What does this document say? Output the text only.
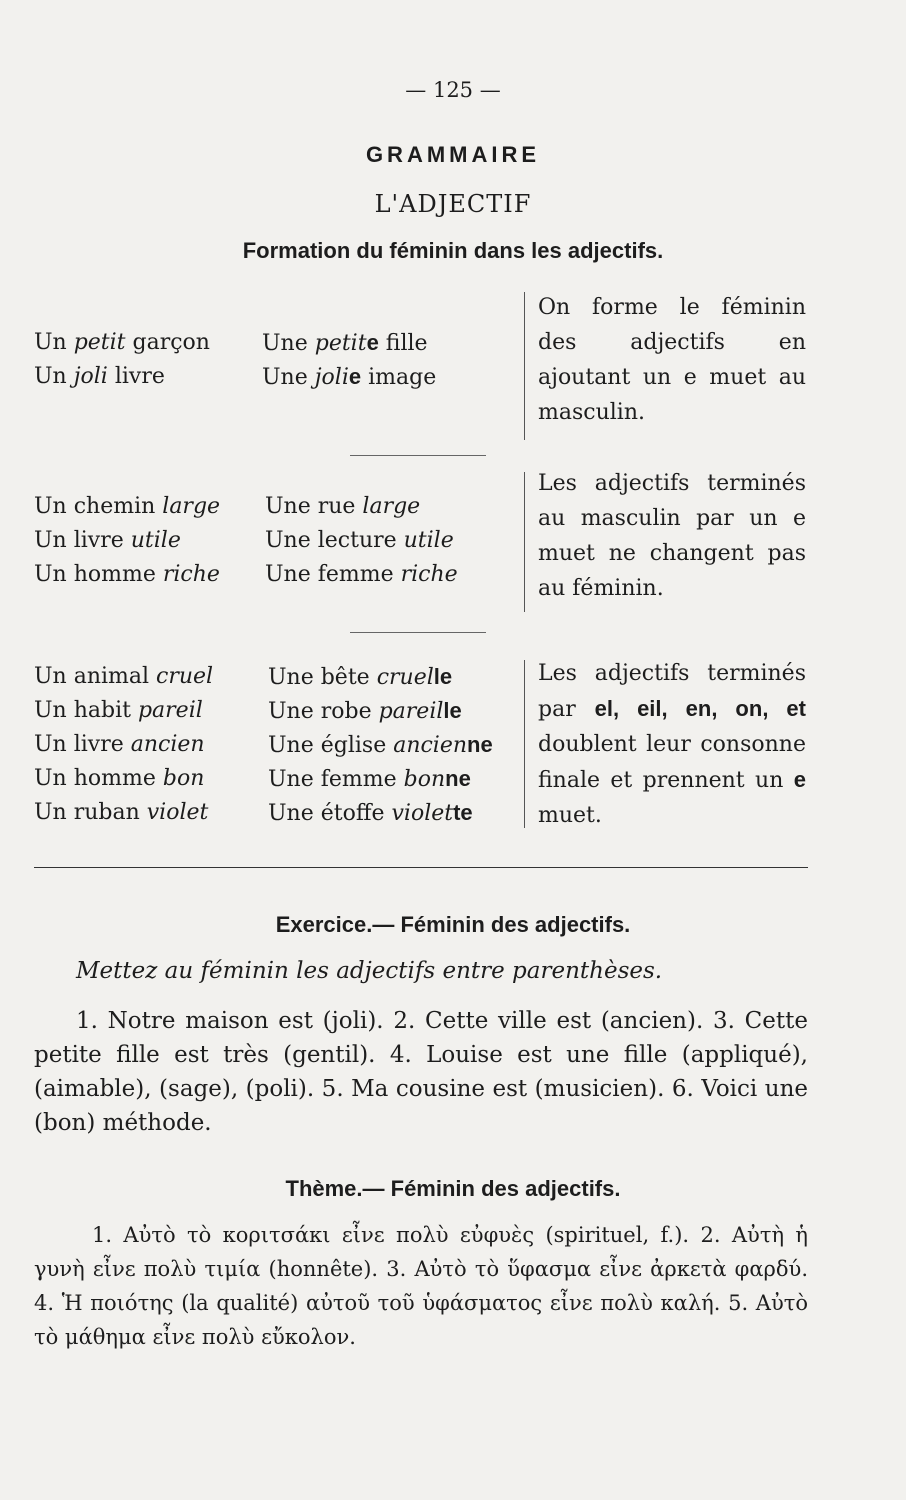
— 125 —
GRAMMAIRE
L'ADJECTIF
Formation du féminin dans les adjectifs.
Un petit garçon Une petite fille
Un joli livre	Une jolie image
On forme le féminin des adjectifs en ajoutant un e muet au masculin.
Un chemin large Une rue large
Un livre utile	Une lecture utile
Un homme riche Une femme riche
Les adjectifs terminés au masculin par un e muet ne changent pas au féminin.
Un animal cruel Une bête cruelle
Un habit pareil	Une robe pareille
Un livre ancien	Une église ancienne
Un homme bon	Une femme bonne
Un ruban violet	Une étoffe violette
Les adjectifs terminés par el, eil, en, on, et doublent leur consonne finale et prennent un e muet.
Exercice.— Féminin des adjectifs.
Mettez au féminin les adjectifs entre parenthèses.
1. Notre maison est (joli). 2. Cette ville est (ancien). 3. Cette petite fille est très (gentil). 4. Louise est une fille (appliqué), (aimable), (sage), (poli). 5. Ma cousine est (musicien). 6. Voici une (bon) méthode.
Thème.— Féminin des adjectifs.
1. Αὐτὸ τὸ κοριτσάκι εἶνε πολὺ εὐφυὲς (spirituel, f.). 2. Αὐτὴ ἡ γυνὴ εἶνε πολὺ τιμία (honnête). 3. Αὐτὸ τὸ ὕφασμα εἶνε ἀρκετὰ φαρδύ. 4. Ἡ ποιότης (la qualité) αὐτοῦ τοῦ ὑφάσματος εἶνε πολὺ καλή. 5. Αὐτὸ τὸ μάθημα εἶνε πολὺ εὔκολον.
